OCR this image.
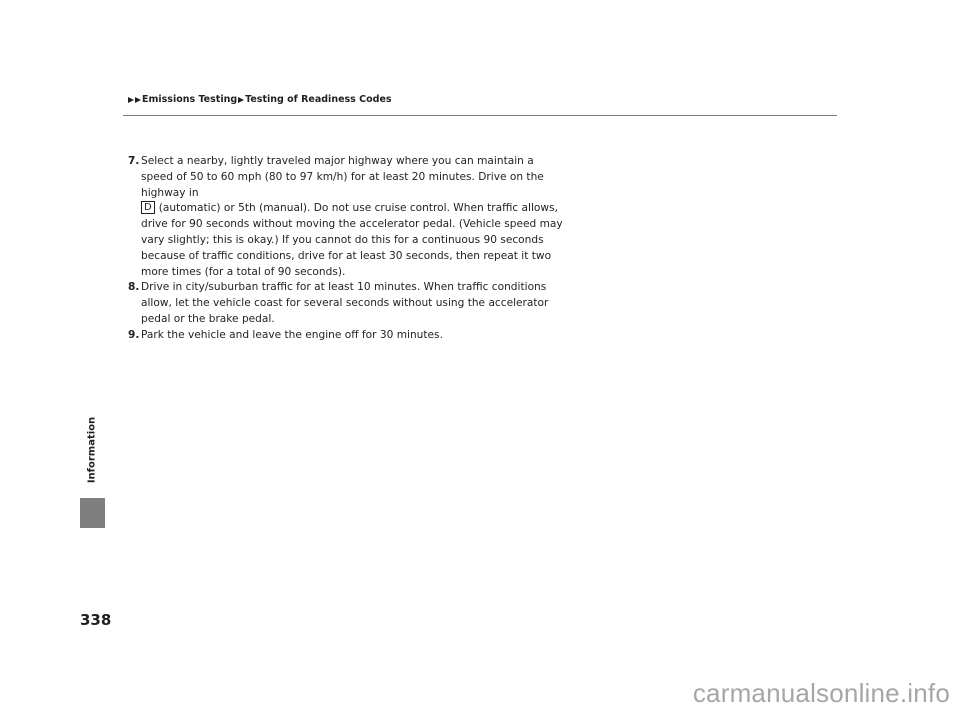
Emissions Testing Testing of Readiness Codes

7. Select a nearby, lightly traveled major highway where you can maintain a speed of 50 to 60 mph (80 to 97 km/h) for at least 20 minutes. Drive on the highway in
D (automatic) or 5th (manual). Do not use cruise control. When traffic allows, drive for 90 seconds without moving the accelerator pedal. (Vehicle speed may vary slightly; this is okay.) If you cannot do this for a continuous 90 seconds because of traffic conditions, drive for at least 30 seconds, then repeat it two more times (for a total of 90 seconds).

8. Drive in city/suburban traffic for at least 10 minutes. When traffic conditions allow, let the vehicle coast for several seconds without using the accelerator pedal or the brake pedal.

9. Park the vehicle and leave the engine off for 30 minutes.

Information
338
carmanualsonline.info
